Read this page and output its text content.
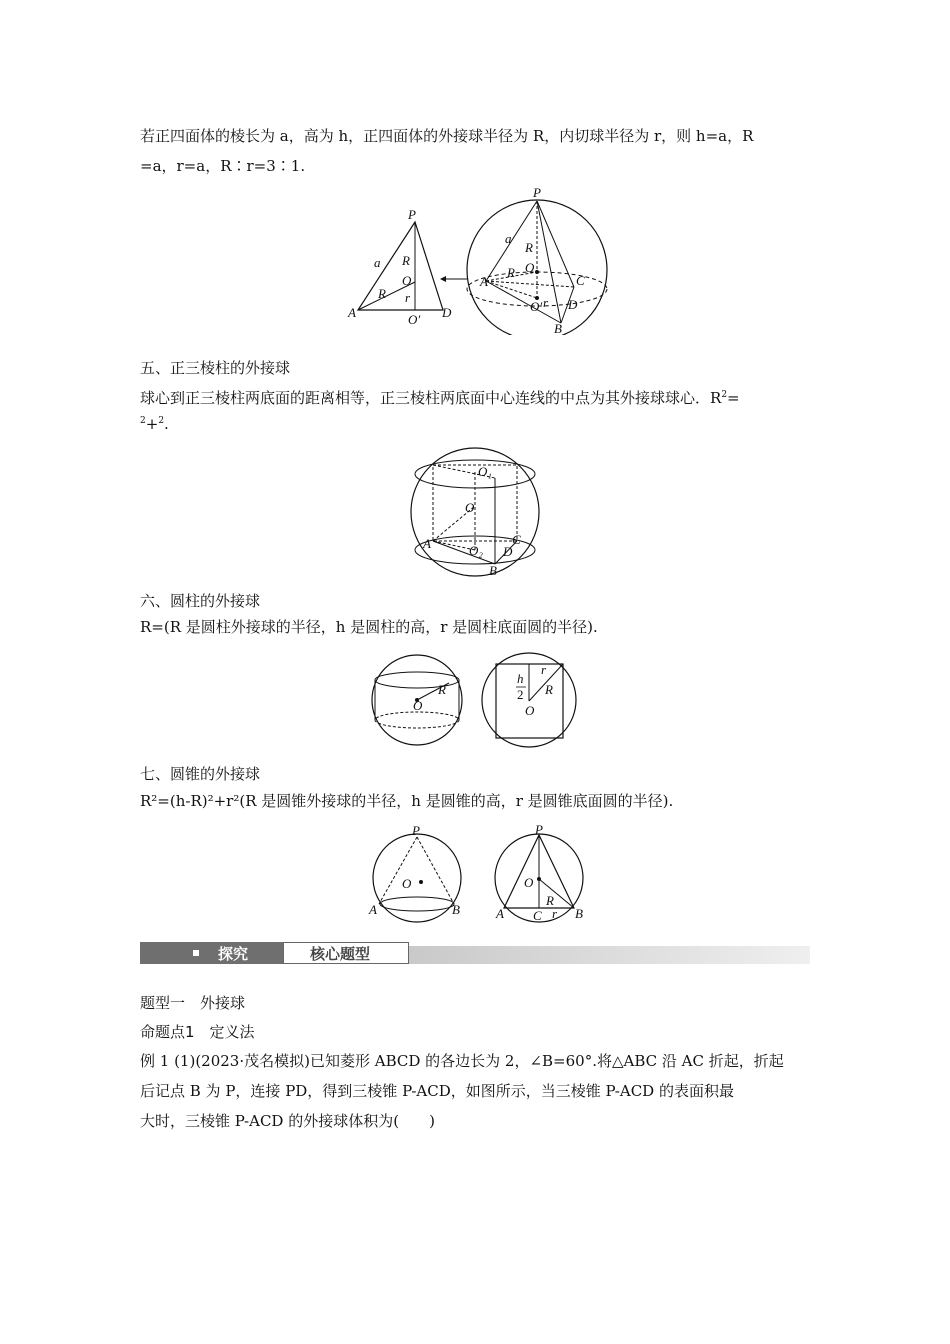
若正四面体的棱长为 a，高为 h，正四面体的外接球半径为 R，内切球半径为 r，则 h=a，R
=a，r=a，R∶r=3∶1.
P
a R
O
R r
A	O′ D
P
a
R
O
R
A	C
O′ r D
B
五、正三棱柱的外接球
球心到正三棱柱两底面的距离相等，正三棱柱两底面中心连线的中点为其外接球球心．$R^2=$
$^2$+$^2$.
O₁
O
A	C
O₂ D
B
六、圆柱的外接球
R=(R 是圆柱外接球的半径，h 是圆柱的高，r 是圆柱底面圆的半径).
R
O
h
2
r
R
O
七、圆锥的外接球
R²=(h-R)²+r²(R 是圆锥外接球的半径，h 是圆锥的高，r 是圆锥底面圆的半径).
P
O
A	B
P
O
R
A C r B
探究	核心题型
题型一　外接球
命题点1　定义法
例 1 (1)(2023·茂名模拟)已知菱形 ABCD 的各边长为 2，∠B=60°.将△ABC 沿 AC 折起，折起
后记点 B 为 P，连接 PD，得到三棱锥 P-ACD，如图所示，当三棱锥 P-ACD 的表面积最
大时，三棱锥 P-ACD 的外接球体积为(　　)
